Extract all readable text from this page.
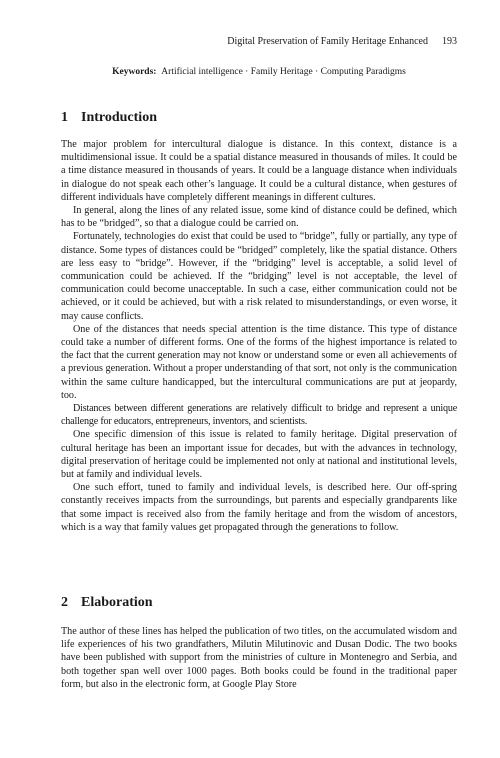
Digital Preservation of Family Heritage Enhanced 193
Keywords: Artificial intelligence · Family Heritage · Computing Paradigms
1 Introduction

The major problem for intercultural dialogue is distance. In this context, distance is a multidimensional issue. It could be a spatial distance measured in thousands of miles. It could be a time distance measured in thousands of years. It could be a language distance when individuals in dialogue do not speak each other’s language. It could be a cultural distance, when gestures of different individuals have completely different meanings in different cultures.

In general, along the lines of any related issue, some kind of distance could be defined, which has to be “bridged”, so that a dialogue could be carried on.

Fortunately, technologies do exist that could be used to “bridge”, fully or partially, any type of distance. Some types of distances could be “bridged” completely, like the spatial distance. Others are less easy to “bridge”. However, if the “bridging” level is acceptable, a solid level of communication could be achieved. If the “bridging” level is not acceptable, the level of communication could become unacceptable. In such a case, either communication could not be achieved, or it could be achieved, but with a risk related to misunderstandings, or even worse, it may cause conflicts.

One of the distances that needs special attention is the time distance. This type of distance could take a number of different forms. One of the forms of the highest importance is related to the fact that the current generation may not know or understand some or even all achievements of a previous generation. Without a proper understanding of that sort, not only is the communication within the same culture handicapped, but the intercultural communications are put at jeopardy, too.

Distances between different generations are relatively difficult to bridge and represent a unique challenge for educators, entrepreneurs, inventors, and scientists.

One specific dimension of this issue is related to family heritage. Digital preservation of cultural heritage has been an important issue for decades, but with the advances in technology, digital preservation of heritage could be implemented not only at national and institutional levels, but at family and individual levels.

One such effort, tuned to family and individual levels, is described here. Our off-spring constantly receives impacts from the surroundings, but parents and especially grandparents like that some impact is received also from the family heritage and from the wisdom of ancestors, which is a way that family values get propagated through the generations to follow.

2 Elaboration

The author of these lines has helped the publication of two titles, on the accumulated wisdom and life experiences of his two grandfathers, Milutin Milutinovic and Dusan Dodic. The two books have been published with support from the ministries of culture in Montenegro and Serbia, and both together span well over 1000 pages. Both books could be found in the traditional paper form, but also in the electronic form, at Google Play Store
